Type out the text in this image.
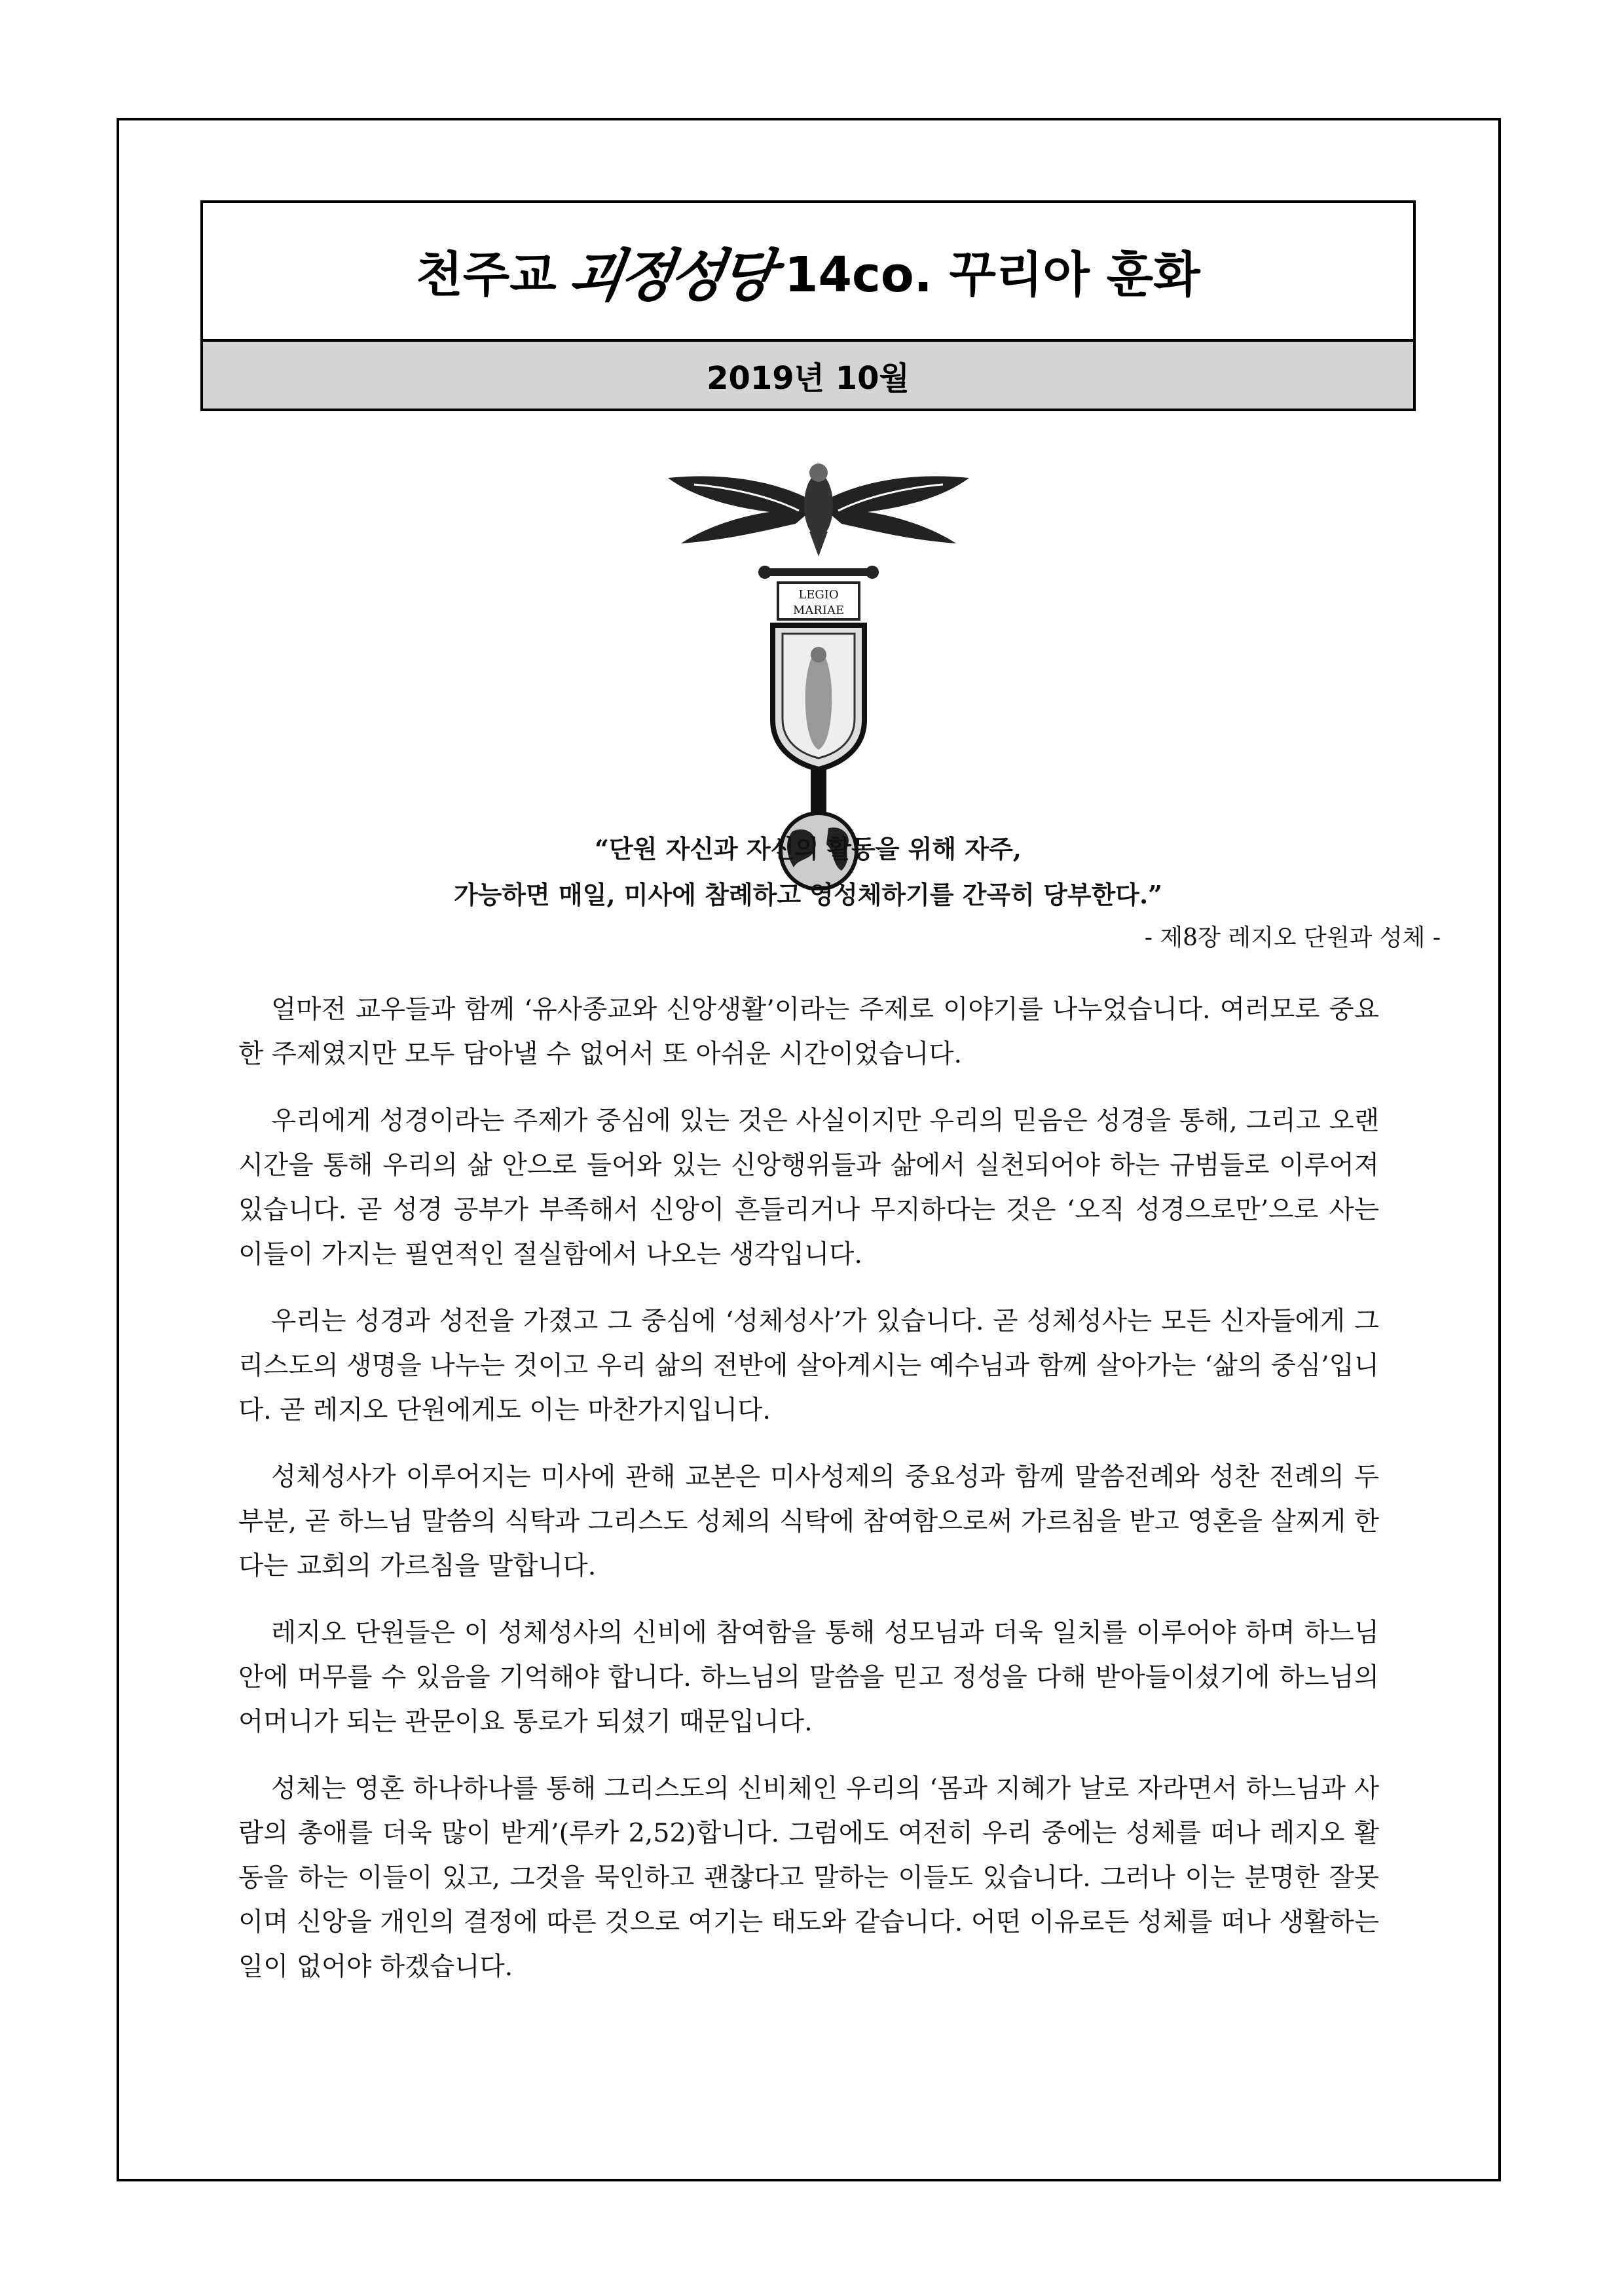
천주교 괴정성당 14co. 꾸리아 훈화
2019년 10월
LEGIO
MARIAE
“단원 자신과 자신의 활동을 위해 자주,
가능하면 매일, 미사에 참례하고 영성체하기를 간곡히 당부한다.”
- 제8장 레지오 단원과 성체 -

얼마전 교우들과 함께 ‘유사종교와 신앙생활’이라는 주제로 이야기를 나누었습니다. 여러모로 중요한 주제였지만 모두 담아낼 수 없어서 또 아쉬운 시간이었습니다.

우리에게 성경이라는 주제가 중심에 있는 것은 사실이지만 우리의 믿음은 성경을 통해, 그리고 오랜 시간을 통해 우리의 삶 안으로 들어와 있는 신앙행위들과 삶에서 실천되어야 하는 규범들로 이루어져 있습니다. 곧 성경 공부가 부족해서 신앙이 흔들리거나 무지하다는 것은 ‘오직 성경으로만’으로 사는 이들이 가지는 필연적인 절실함에서 나오는 생각입니다.

우리는 성경과 성전을 가졌고 그 중심에 ‘성체성사’가 있습니다. 곧 성체성사는 모든 신자들에게 그리스도의 생명을 나누는 것이고 우리 삶의 전반에 살아계시는 예수님과 함께 살아가는 ‘삶의 중심’입니다. 곧 레지오 단원에게도 이는 마찬가지입니다.

성체성사가 이루어지는 미사에 관해 교본은 미사성제의 중요성과 함께 말씀전례와 성찬 전례의 두 부분, 곧 하느님 말씀의 식탁과 그리스도 성체의 식탁에 참여함으로써 가르침을 받고 영혼을 살찌게 한다는 교회의 가르침을 말합니다.

레지오 단원들은 이 성체성사의 신비에 참여함을 통해 성모님과 더욱 일치를 이루어야 하며 하느님 안에 머무를 수 있음을 기억해야 합니다. 하느님의 말씀을 믿고 정성을 다해 받아들이셨기에 하느님의 어머니가 되는 관문이요 통로가 되셨기 때문입니다.

성체는 영혼 하나하나를 통해 그리스도의 신비체인 우리의 ‘몸과 지혜가 날로 자라면서 하느님과 사람의 총애를 더욱 많이 받게’(루카 2,52)합니다. 그럼에도 여전히 우리 중에는 성체를 떠나 레지오 활동을 하는 이들이 있고, 그것을 묵인하고 괜찮다고 말하는 이들도 있습니다. 그러나 이는 분명한 잘못이며 신앙을 개인의 결정에 따른 것으로 여기는 태도와 같습니다. 어떤 이유로든 성체를 떠나 생활하는 일이 없어야 하겠습니다.
